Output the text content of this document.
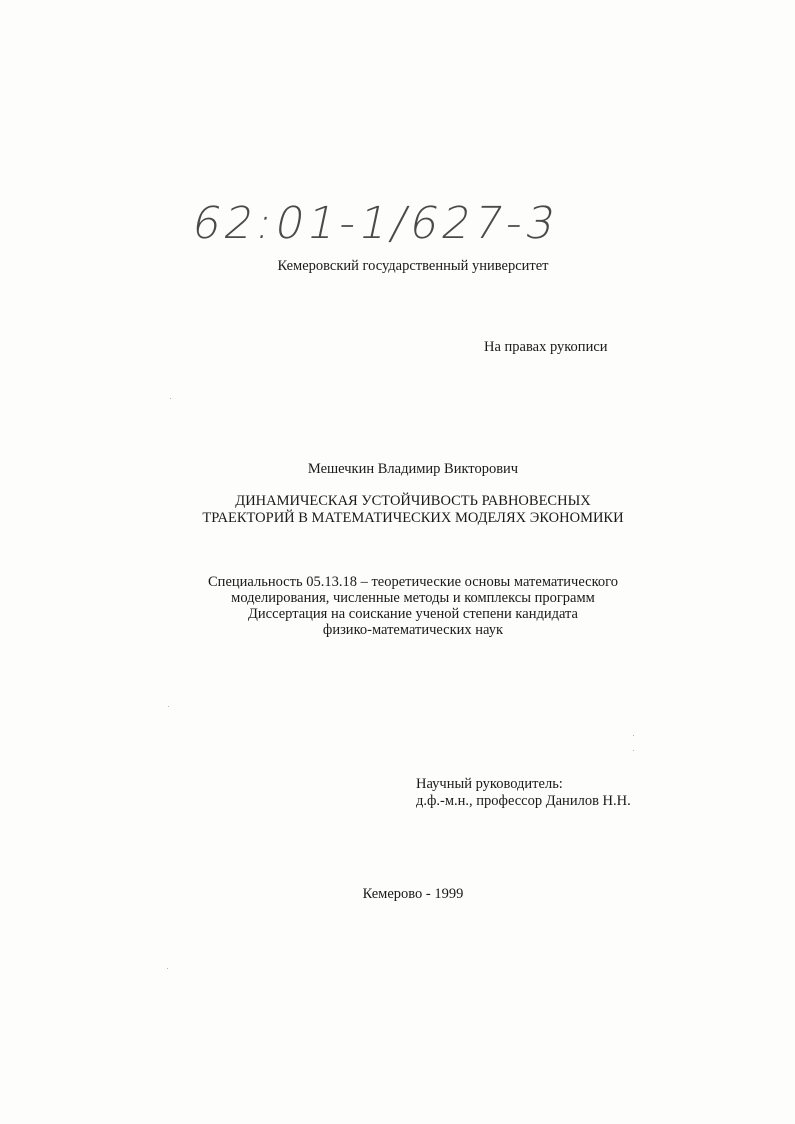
62:01-1/627-3
Кемеровский государственный университет
На правах рукописи
Мешечкин Владимир Викторович
ДИНАМИЧЕСКАЯ УСТОЙЧИВОСТЬ РАВНОВЕСНЫХ
ТРАЕКТОРИЙ В МАТЕМАТИЧЕСКИХ МОДЕЛЯХ ЭКОНОМИКИ
Специальность 05.13.18 – теоретические основы математического
моделирования, численные методы и комплексы программ
Диссертация на соискание ученой степени кандидата
физико-математических наук
Научный руководитель:
д.ф.-м.н., профессор Данилов Н.Н.
Кемерово - 1999
